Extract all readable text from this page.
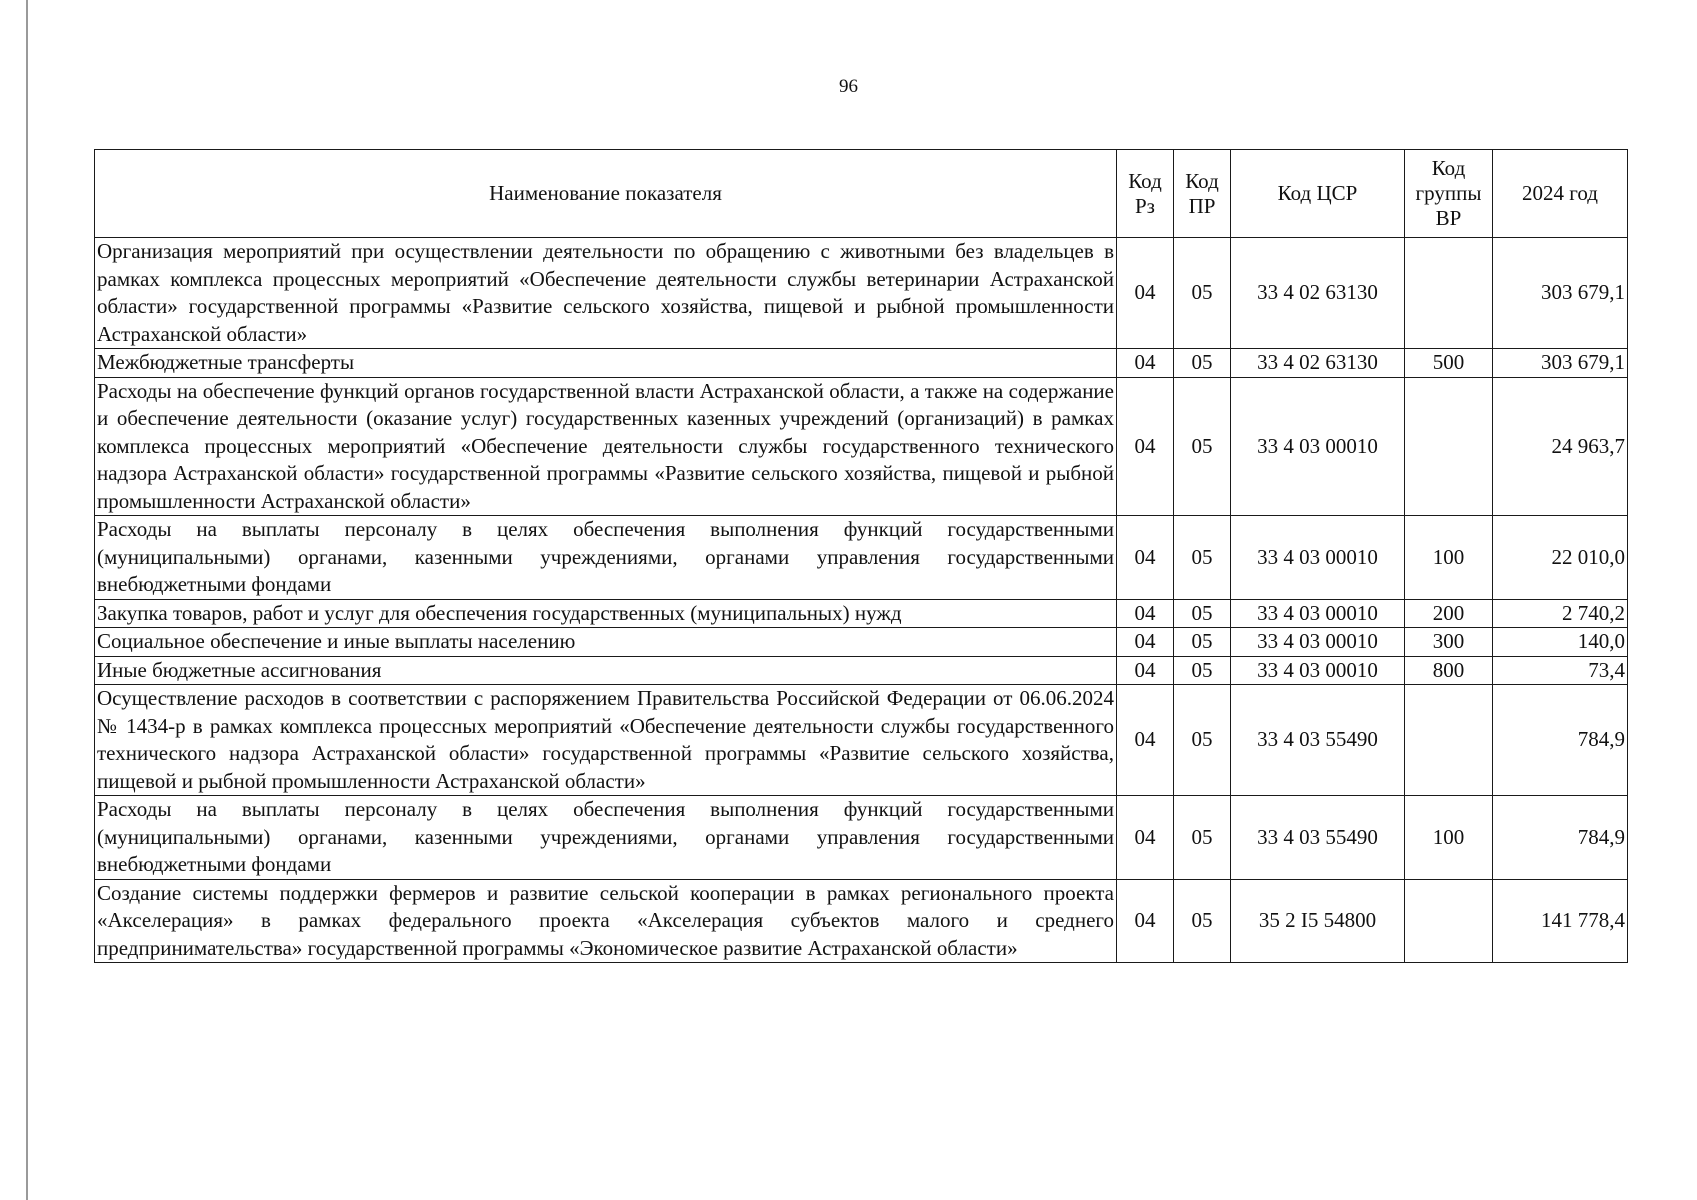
96
Наименование показателя	Код Рз	Код ПР	Код ЦСР	Код группы ВР	2024 год
Организация мероприятий при осуществлении деятельности по обращению с животными без владельцев в рамках комплекса процессных мероприятий «Обеспечение деятельности службы ветеринарии Астраханской области» государственной программы «Развитие сельского хозяйства, пищевой и рыбной промышленности Астраханской области»	04	05	33 4 02 63130		303 679,1
Межбюджетные трансферты	04	05	33 4 02 63130	500	303 679,1
Расходы на обеспечение функций органов государственной власти Астраханской области, а также на содержание и обеспечение деятельности (оказание услуг) государственных казенных учреждений (организаций) в рамках комплекса процессных мероприятий «Обеспечение деятельности службы государственного технического надзора Астраханской области» государственной программы «Развитие сельского хозяйства, пищевой и рыбной промышленности Астраханской области»	04	05	33 4 03 00010		24 963,7
Расходы на выплаты персоналу в целях обеспечения выполнения функций государственными (муниципальными) органами, казенными учреждениями, органами управления государственными внебюджетными фондами	04	05	33 4 03 00010	100	22 010,0
Закупка товаров, работ и услуг для обеспечения государственных (муниципальных) нужд	04	05	33 4 03 00010	200	2 740,2
Социальное обеспечение и иные выплаты населению	04	05	33 4 03 00010	300	140,0
Иные бюджетные ассигнования	04	05	33 4 03 00010	800	73,4
Осуществление расходов в соответствии с распоряжением Правительства Российской Федерации от 06.06.2024 № 1434-р в рамках комплекса процессных мероприятий «Обеспечение деятельности службы государственного технического надзора Астраханской области» государственной программы «Развитие сельского хозяйства, пищевой и рыбной промышленности Астраханской области»	04	05	33 4 03 55490		784,9
Расходы на выплаты персоналу в целях обеспечения выполнения функций государственными (муниципальными) органами, казенными учреждениями, органами управления государственными внебюджетными фондами	04	05	33 4 03 55490	100	784,9
Создание системы поддержки фермеров и развитие сельской кооперации в рамках регионального проекта «Акселерация» в рамках федерального проекта «Акселерация субъектов малого и среднего предпринимательства» государственной программы «Экономическое развитие Астраханской области»	04	05	35 2 I5 54800		141 778,4
